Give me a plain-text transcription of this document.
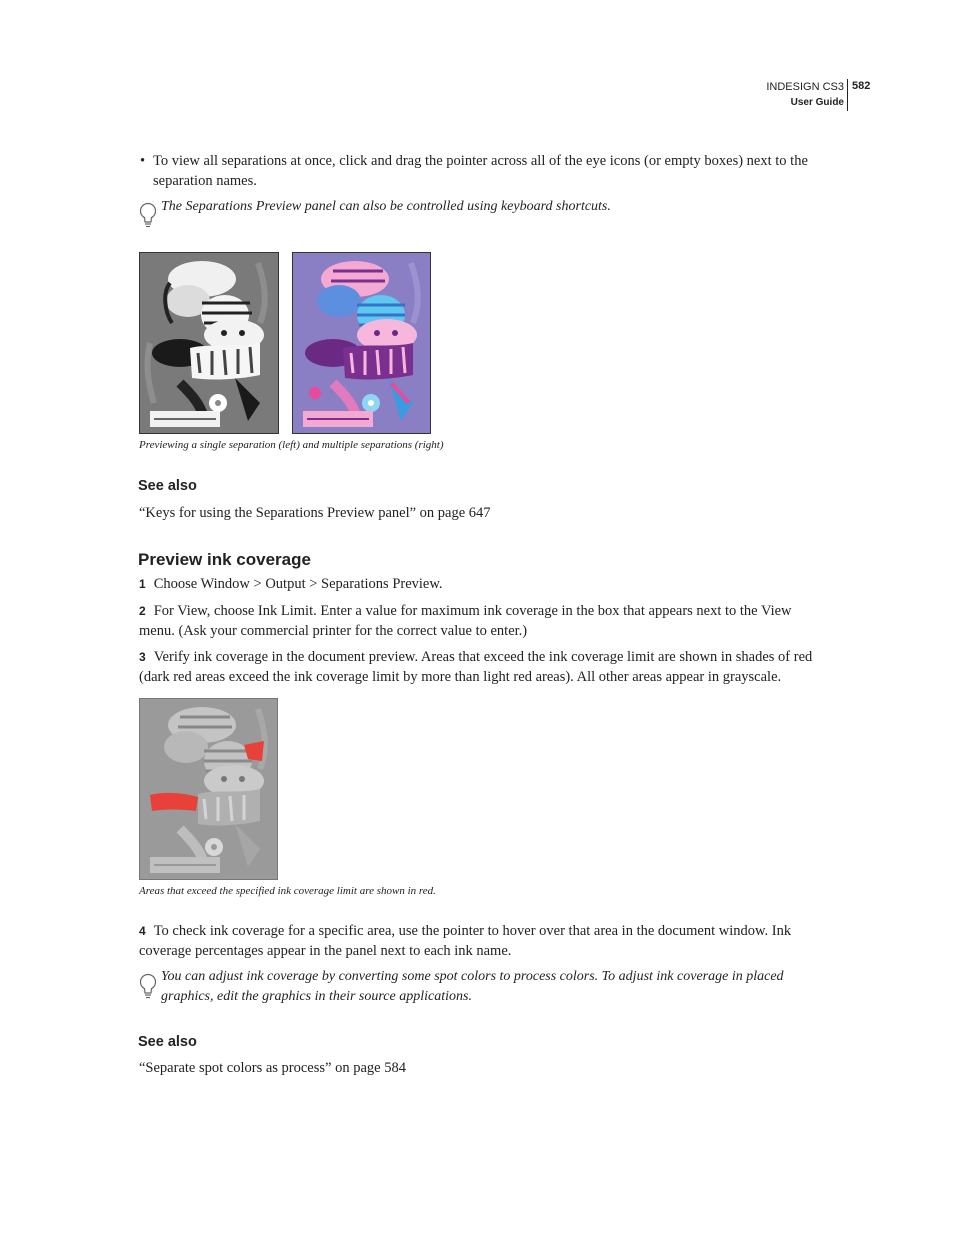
INDESIGN CS3
User Guide
582
• To view all separations at once, click and drag the pointer across all of the eye icons (or empty boxes) next to the separation names.
The Separations Preview panel can also be controlled using keyboard shortcuts.
Previewing a single separation (left) and multiple separations (right)
See also
“Keys for using the Separations Preview panel” on page 647
Preview ink coverage
1 Choose Window > Output > Separations Preview.
2 For View, choose Ink Limit. Enter a value for maximum ink coverage in the box that appears next to the View menu. (Ask your commercial printer for the correct value to enter.)
3 Verify ink coverage in the document preview. Areas that exceed the ink coverage limit are shown in shades of red (dark red areas exceed the ink coverage limit by more than light red areas). All other areas appear in grayscale.
Areas that exceed the specified ink coverage limit are shown in red.
4 To check ink coverage for a specific area, use the pointer to hover over that area in the document window. Ink coverage percentages appear in the panel next to each ink name.
You can adjust ink coverage by converting some spot colors to process colors. To adjust ink coverage in placed graphics, edit the graphics in their source applications.
See also
“Separate spot colors as process” on page 584
